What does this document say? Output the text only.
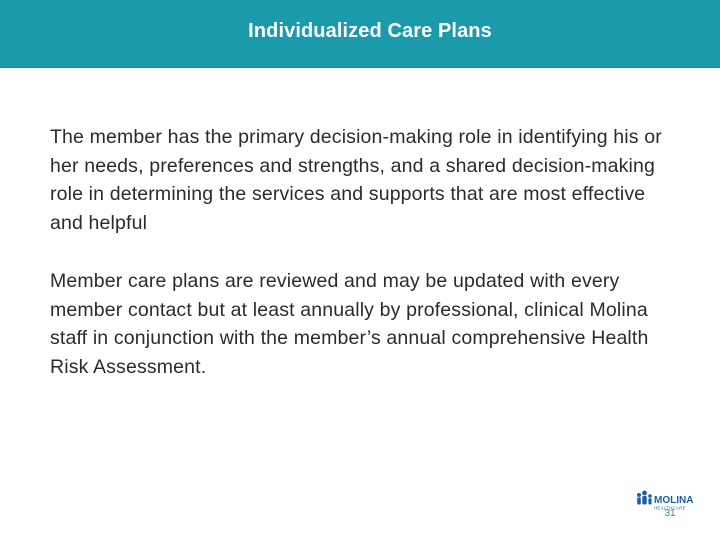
Individualized Care Plans
The member has the primary decision-making role in identifying his or her needs, preferences and strengths, and a shared decision-making role in determining the services and supports that are most effective and helpful
Member care plans are reviewed and may be updated with every member contact but at least annually by professional, clinical Molina staff in conjunction with the member’s annual comprehensive Health Risk Assessment.
MOLINA
HEALTHCARE
31
